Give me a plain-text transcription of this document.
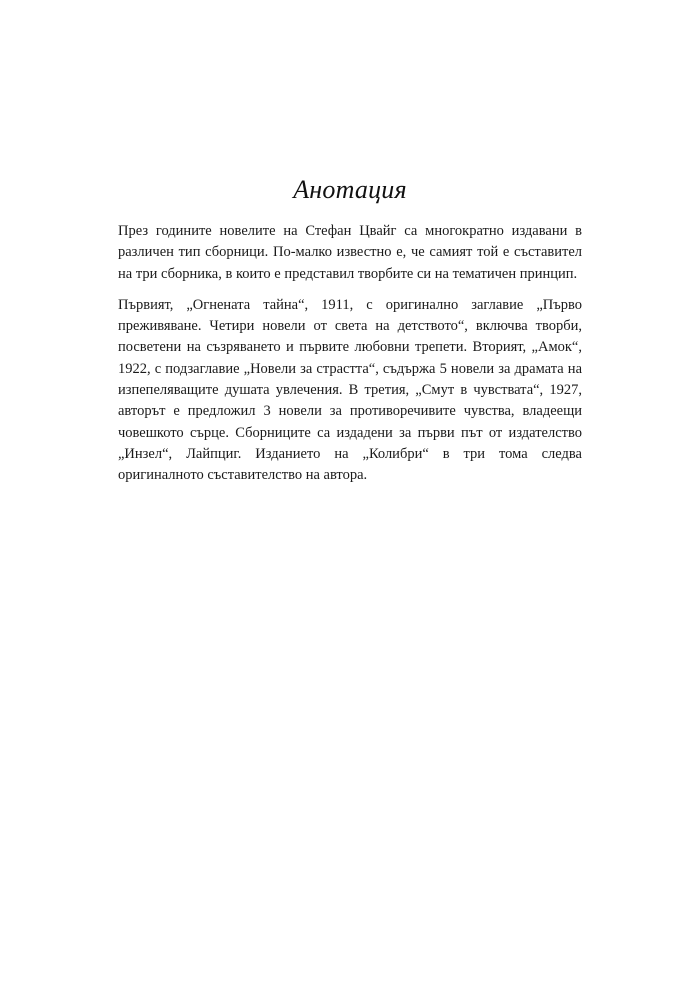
Анотация

През годините новелите на Стефан Цвайг са многократно издавани в различен тип сборници. По-малко известно е, че самият той е съставител на три сборника, в които е представил творбите си на тематичен принцип.

Първият, „Огнената тайна“, 1911, с оригинално заглавие „Първо преживяване. Четири новели от света на детството“, включва творби, посветени на съзряването и първите любовни трепети. Вторият, „Амок“, 1922, с подзаглавие „Новели за страстта“, съдържа 5 новели за драмата на изпепеляващите душата увлечения. В третия, „Смут в чувствата“, 1927, авторът е предложил 3 новели за противоречивите чувства, владеещи човешкото сърце. Сборниците са издадени за първи път от издателство „Инзел“, Лайпциг. Изданието на „Колибри“ в три тома следва оригиналното съставителство на автора.
